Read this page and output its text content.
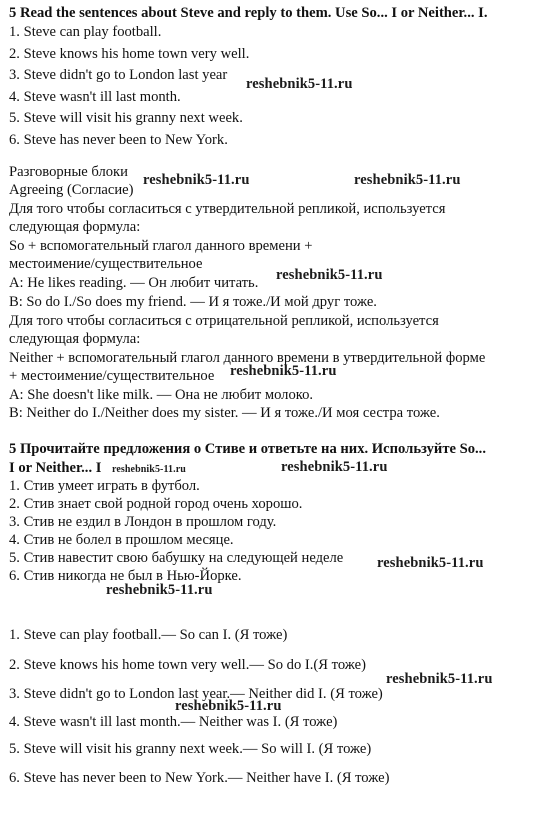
5 Read the sentences about Steve and reply to them. Use So... I or Neither... I.
1. Steve can play football.
2. Steve knows his home town very well.
3. Steve didn't go to London last year
4. Steve wasn't ill last month.
5. Steve will visit his granny next week.
6. Steve has never been to New York.
Разговорные блоки
Agreeing (Согласие)
Для того чтобы согласиться с утвердительной репликой, используется
следующая формула:
So + вспомогательный глагол данного времени +
местоимение/существительное
A: He likes reading. — Он любит читать.
B: So do I./So does my friend. — И я тоже./И мой друг тоже.
Для того чтобы согласиться с отрицательной репликой, используется
следующая формула:
Neither + вспомогательный глагол данного времени в утвердительной форме
+ местоимение/существительное
A: She doesn't like milk. — Она не любит молоко.
B: Neither do I./Neither does my sister. — И я тоже./И моя сестра тоже.
5 Прочитайте предложения о Стиве и ответьте на них. Используйте So...
I or Neither... I
1. Стив умеет играть в футбол.
2. Стив знает свой родной город очень хорошо.
3. Стив не ездил в Лондон в прошлом году.
4. Стив не болел в прошлом месяце.
5. Стив навестит свою бабушку на следующей неделе
6. Стив никогда не был в Нью-Йорке.
1. Steve can play football.— So can I. (Я тоже)
2. Steve knows his home town very well.— So do I.(Я тоже)
3. Steve didn't go to London last year.— Neither did I. (Я тоже)
4. Steve wasn't ill last month.— Neither was I. (Я тоже)
5. Steve will visit his granny next week.— So will I. (Я тоже)
6. Steve has never been to New York.— Neither have I. (Я тоже)
reshebnik5-11.ru
reshebnik5-11.ru	reshebnik5-11.ru
reshebnik5-11.ru
reshebnik5-11.ru
reshebnik5-11.ru	reshebnik5-11.ru
reshebnik5-11.ru
reshebnik5-11.ru
reshebnik5-11.ru
reshebnik5-11.ru
